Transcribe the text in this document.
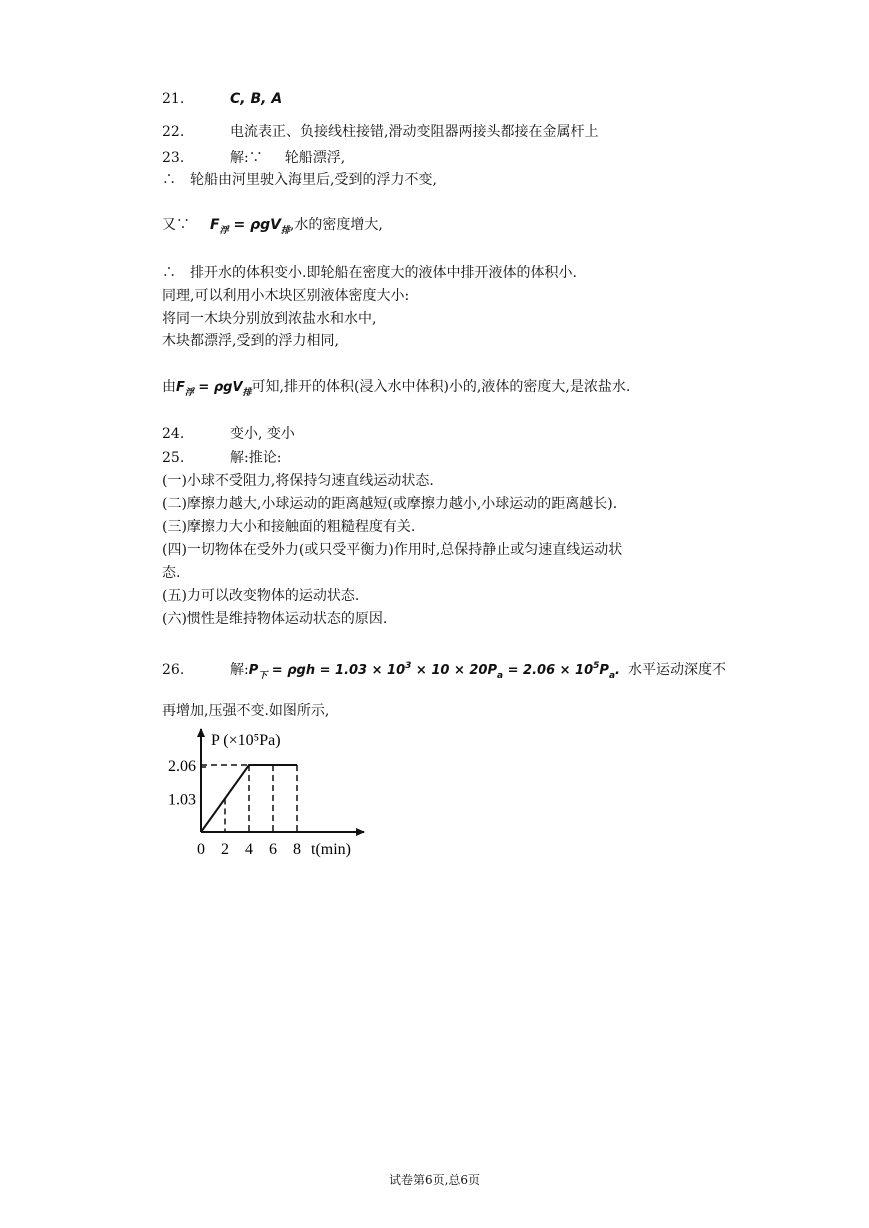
21.	C, B, A
22.	电流表正、负接线柱接错,滑动变阻器两接头都接在金属杆上
23.	解:∵ 轮船漂浮,
∴　轮船由河里驶入海里后,受到的浮力不变,
又∵ $F_浮 = \rho gV_排$,水的密度增大,
∴　排开水的体积变小.即轮船在密度大的液体中排开液体的体积小.
同理,可以利用小木块区别液体密度大小:
将同一木块分别放到浓盐水和水中,
木块都漂浮,受到的浮力相同,
由$F_浮 = \rho gV_排$可知,排开的体积(浸入水中体积)小的,液体的密度大,是浓盐水.
24.	变小, 变小
25.	解:推论:
(一)小球不受阻力,将保持匀速直线运动状态.
(二)摩擦力越大,小球运动的距离越短(或摩擦力越小,小球运动的距离越长).
(三)摩擦力大小和接触面的粗糙程度有关.
(四)一切物体在受外力(或只受平衡力)作用时,总保持静止或匀速直线运动状
态.
(五)力可以改变物体的运动状态.
(六)惯性是维持物体运动状态的原因.
26.	解$:P_下 = \rho gh = 1.03 \times 10^3 \times 10 \times 20P_a = 2.06 \times 10^5P_a$. 水平运动深度不
再增加,压强不变.如图所示,
0 2 4 6 8
1.03
2.06
P (×10⁵Pa)
t(min)
试卷第6页,总6页
